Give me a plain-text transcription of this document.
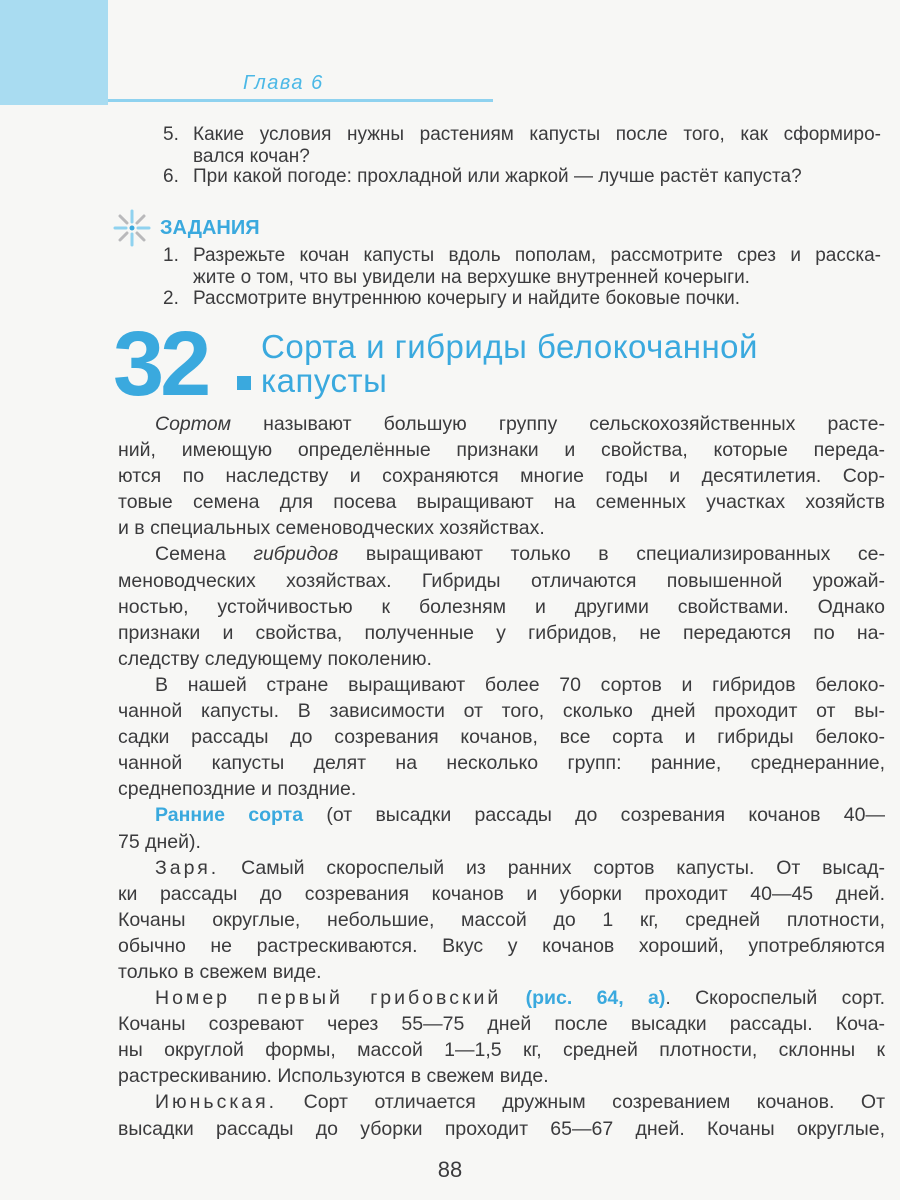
Глава 6
5. Какие условия нужны растениям капусты после того, как сформиро-
вался кочан?
6. При какой погоде: прохладной или жаркой — лучше растёт капуста?
ЗАДАНИЯ
1. Разрежьте кочан капусты вдоль пополам, рассмотрите срез и расска-
жите о том, что вы увидели на верхушке внутренней кочерыги.
2. Рассмотрите внутреннюю кочерыгу и найдите боковые почки.
32 Сорта и гибриды белокочанной
капусты
Сортом называют большую группу сельскохозяйственных расте-
ний, имеющую определённые признаки и свойства, которые переда-
ются по наследству и сохраняются многие годы и десятилетия. Сор-
товые семена для посева выращивают на семенных участках хозяйств
и в специальных семеноводческих хозяйствах.
Семена гибридов выращивают только в специализированных се-
меноводческих хозяйствах. Гибриды отличаются повышенной урожай-
ностью, устойчивостью к болезням и другими свойствами. Однако
признаки и свойства, полученные у гибридов, не передаются по на-
следству следующему поколению.
В нашей стране выращивают более 70 сортов и гибридов белоко-
чанной капусты. В зависимости от того, сколько дней проходит от вы-
садки рассады до созревания кочанов, все сорта и гибриды белоко-
чанной капусты делят на несколько групп: ранние, среднеранние,
среднепоздние и поздние.
Ранние сорта (от высадки рассады до созревания кочанов 40—
75 дней).
Заря. Самый скороспелый из ранних сортов капусты. От высад-
ки рассады до созревания кочанов и уборки проходит 40—45 дней.
Кочаны округлые, небольшие, массой до 1 кг, средней плотности,
обычно не растрескиваются. Вкус у кочанов хороший, употребляются
только в свежем виде.
Номер первый грибовский (рис. 64, а). Скороспелый сорт.
Кочаны созревают через 55—75 дней после высадки рассады. Коча-
ны округлой формы, массой 1—1,5 кг, средней плотности, склонны к
растрескиванию. Используются в свежем виде.
Июньская. Сорт отличается дружным созреванием кочанов. От
высадки рассады до уборки проходит 65—67 дней. Кочаны округлые,
88
